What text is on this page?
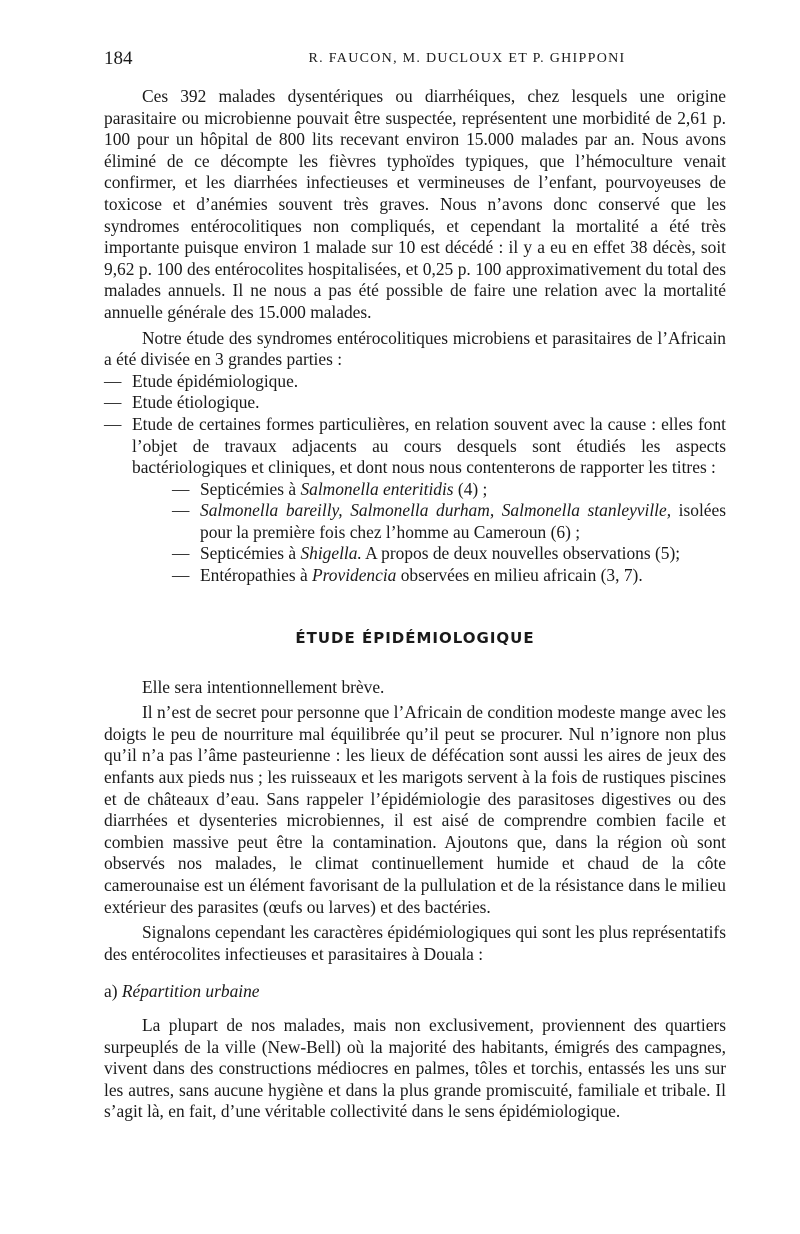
184	R. FAUCON, M. DUCLOUX ET P. GHIPPONI

Ces 392 malades dysentériques ou diarrhéiques, chez lesquels une origine parasitaire ou microbienne pouvait être suspectée, représentent une morbidité de 2,61 p. 100 pour un hôpital de 800 lits recevant environ 15.000 malades par an. Nous avons éliminé de ce décompte les fièvres typhoïdes typiques, que l’hémoculture venait confirmer, et les diarrhées infectieuses et vermineuses de l’enfant, pourvoyeuses de toxicose et d’anémies souvent très graves. Nous n’avons donc conservé que les syndromes entérocolitiques non compliqués, et cependant la mortalité a été très importante puisque environ 1 malade sur 10 est décédé : il y a eu en effet 38 décès, soit 9,62 p. 100 des entérocolites hospitalisées, et 0,25 p. 100 approximativement du total des malades annuels. Il ne nous a pas été possible de faire une relation avec la mortalité annuelle générale des 15.000 malades.

Notre étude des syndromes entérocolitiques microbiens et parasitaires de l’Africain a été divisée en 3 grandes parties :

— Etude épidémiologique.
— Etude étiologique.
— Etude de certaines formes particulières, en relation souvent avec la cause : elles font l’objet de travaux adjacents au cours desquels sont étudiés les aspects bactériologiques et cliniques, et dont nous nous contenterons de rapporter les titres :
— Septicémies à Salmonella enteritidis (4) ;
— Salmonella bareilly, Salmonella durham, Salmonella stanleyville, isolées pour la première fois chez l’homme au Cameroun (6) ;
— Septicémies à Shigella. A propos de deux nouvelles observations (5);
— Entéropathies à Providencia observées en milieu africain (3, 7).
ÉTUDE ÉPIDÉMIOLOGIQUE

Elle sera intentionnellement brève.

Il n’est de secret pour personne que l’Africain de condition modeste mange avec les doigts le peu de nourriture mal équilibrée qu’il peut se procurer. Nul n’ignore non plus qu’il n’a pas l’âme pasteurienne : les lieux de défécation sont aussi les aires de jeux des enfants aux pieds nus ; les ruisseaux et les marigots servent à la fois de rustiques piscines et de châteaux d’eau. Sans rappeler l’épidémiologie des parasitoses digestives ou des diarrhées et dysenteries microbiennes, il est aisé de comprendre combien facile et combien massive peut être la contamination. Ajoutons que, dans la région où sont observés nos malades, le climat continuellement humide et chaud de la côte camerounaise est un élément favorisant de la pullulation et de la résistance dans le milieu extérieur des parasites (œufs ou larves) et des bactéries.

Signalons cependant les caractères épidémiologiques qui sont les plus représentatifs des entérocolites infectieuses et parasitaires à Douala :

a) Répartition urbaine

La plupart de nos malades, mais non exclusivement, proviennent des quartiers surpeuplés de la ville (New-Bell) où la majorité des habitants, émigrés des campagnes, vivent dans des constructions médiocres en palmes, tôles et torchis, entassés les uns sur les autres, sans aucune hygiène et dans la plus grande promiscuité, familiale et tribale. Il s’agit là, en fait, d’une véritable collectivité dans le sens épidémiologique.
